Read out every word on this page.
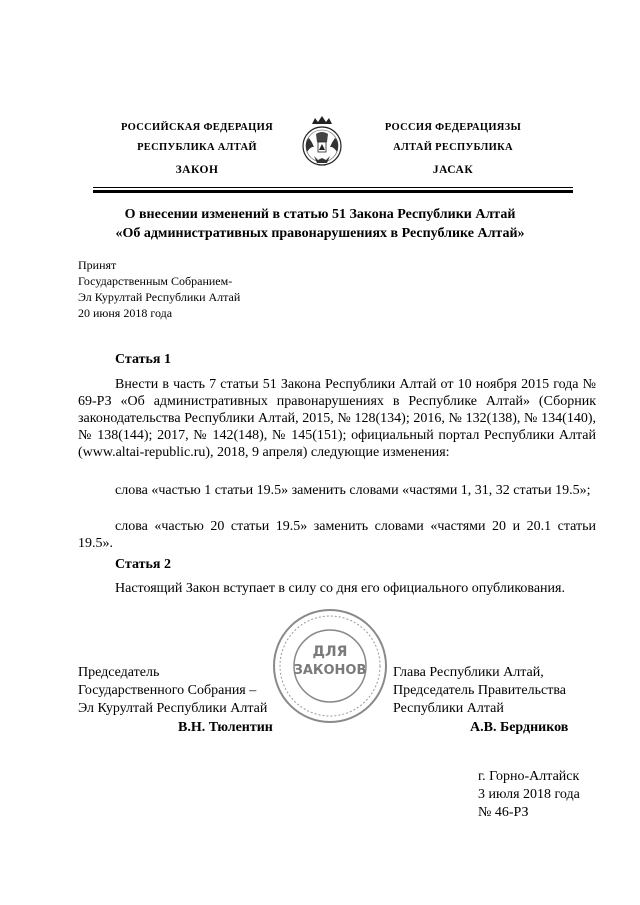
РОССИЙСКАЯ ФЕДЕРАЦИЯ
РЕСПУБЛИКА АЛТАЙ
ЗАКОН
РОССИЯ ФЕДЕРАЦИЯЗЫ
АЛТАЙ РЕСПУБЛИКА
JАСАК
О внесении изменений в статью 51 Закона Республики Алтай
«Об административных правонарушениях в Республике Алтай»
Принят
Государственным Собранием-
Эл Курултай Республики Алтай
20 июня 2018 года
Статья 1

Внести в часть 7 статьи 51 Закона Республики Алтай от 10 ноября 2015 года № 69-РЗ «Об административных правонарушениях в Республике Алтай» (Сборник законодательства Республики Алтай, 2015, № 128(134); 2016, № 132(138), № 134(140), № 138(144); 2017, № 142(148), № 145(151); официальный портал Республики Алтай (www.altai-republic.ru), 2018, 9 апреля) следующие изменения:

слова «частью 1 статьи 19.5» заменить словами «частями 1, 31, 32 статьи 19.5»;

слова «частью 20 статьи 19.5» заменить словами «частями 20 и 20.1 статьи 19.5».

Статья 2

Настоящий Закон вступает в силу со дня его официального опубликования.

ДЛЯ
ЗАКОНОВ
Председатель
Государственного Собрания –
Эл Курултай Республики Алтай
В.Н. Тюлентин
Глава Республики Алтай,
Председатель Правительства
Республики Алтай
А.В. Бердников
г. Горно-Алтайск
3 июля 2018 года
№ 46-РЗ
